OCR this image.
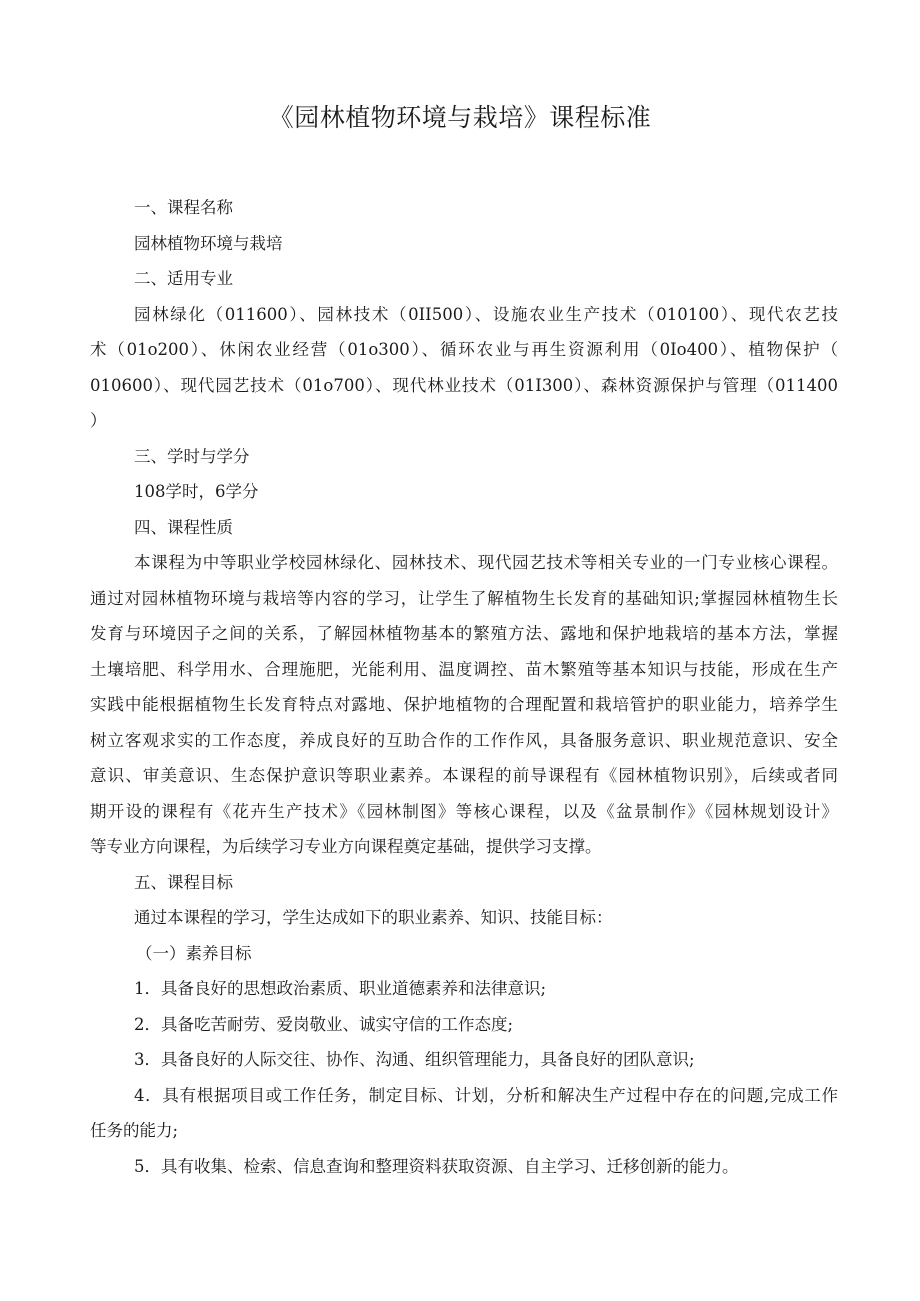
《园林植物环境与栽培》课程标准

一、课程名称

园林植物环境与栽培

二、适用专业

园林绿化（011600）、园林技术（0II500）、设施农业生产技术（010100）、现代农艺技

术（01o200）、休闲农业经营（01o300）、循环农业与再生资源利用（0Io400）、植物保护（

010600）、现代园艺技术（01o700）、现代林业技术（01I300）、森林资源保护与管理（011400

）

三、学时与学分

108学时，6学分

四、课程性质

本课程为中等职业学校园林绿化、园林技术、现代园艺技术等相关专业的一门专业核心课程。

通过对园林植物环境与栽培等内容的学习，让学生了解植物生长发育的基础知识;掌握园林植物生长

发育与环境因子之间的关系，了解园林植物基本的繁殖方法、露地和保护地栽培的基本方法，掌握

土壤培肥、科学用水、合理施肥，光能利用、温度调控、苗木繁殖等基本知识与技能，形成在生产

实践中能根据植物生长发育特点对露地、保护地植物的合理配置和栽培管护的职业能力，培养学生

树立客观求实的工作态度，养成良好的互助合作的工作作风，具备服务意识、职业规范意识、安全

意识、审美意识、生态保护意识等职业素养。本课程的前导课程有《园林植物识别》，后续或者同

期开设的课程有《花卉生产技术》《园林制图》等核心课程，以及《盆景制作》《园林规划设计》

等专业方向课程，为后续学习专业方向课程奠定基础，提供学习支撑。

五、课程目标

通过本课程的学习，学生达成如下的职业素养、知识、技能目标：

（一）素养目标

1．具备良好的思想政治素质、职业道德素养和法律意识;

2．具备吃苦耐劳、爱岗敬业、诚实守信的工作态度;

3．具备良好的人际交往、协作、沟通、组织管理能力，具备良好的团队意识;

4．具有根据项目或工作任务，制定目标、计划，分析和解决生产过程中存在的问题,完成工作

任务的能力;

5．具有收集、检索、信息查询和整理资料获取资源、自主学习、迁移创新的能力。
